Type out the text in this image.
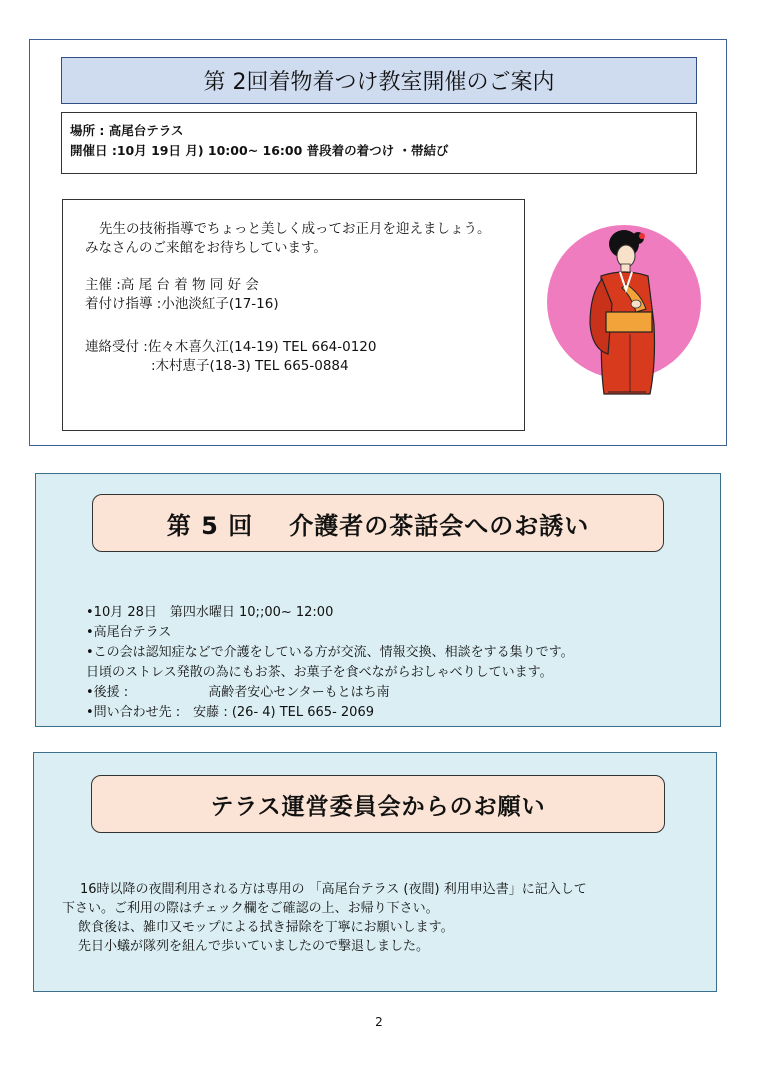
第 2回着物着つけ教室開催のご案内
場所 : 高尾台テラス
開催日 :10月 19日 月) 10:00~ 16:00 普段着の着つけ ・帯結び

先生の技術指導でちょっと美しく成ってお正月を迎えましょう。

みなさんのご来館をお待ちしています。

主催 :高 尾 台 着 物 同 好 会

着付け指導 :小池淡紅子(17-16)

連絡受付 :佐々木喜久江(14-19) TEL 664-0120

:木村恵子(18-3) TEL 665-0884

第 5 回 介護者の茶話会へのお誘い

•10月 28日　第四水曜日 10;;00~ 12:00

•高尾台テラス

•この会は認知症などで介護をしている方が交流、情報交換、相談をする集りです。

日頃のストレス発散の為にもお茶、お菓子を食べながらおしゃべりしています。

•後援 :	高齢者安心センターもとはち南

•問い合わせ先 :　安藤 : (26- 4) TEL 665- 2069

テラス運営委員会からのお願い

16時以降の夜間利用される方は専用の 「高尾台テラス (夜間) 利用申込書」に記入して

下さい。ご利用の際はチェック欄をご確認の上、お帰り下さい。

飲食後は、雑巾又モップによる拭き掃除を丁寧にお願いします。

先日小蟻が隊列を組んで歩いていましたので撃退しました。

2
